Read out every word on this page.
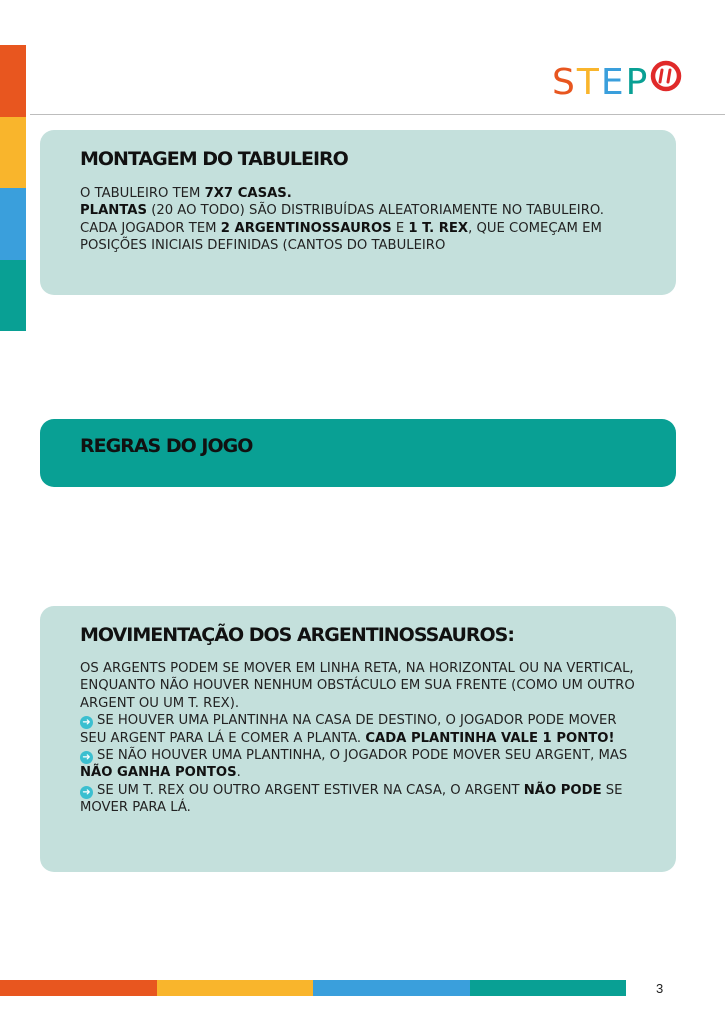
STEP
MONTAGEM DO TABULEIRO

O TABULEIRO TEM 7X7 CASAS.
PLANTAS (20 AO TODO) SÃO DISTRIBUÍDAS ALEATORIAMENTE NO TABULEIRO.
CADA JOGADOR TEM 2 ARGENTINOSSAUROS E 1 T. REX, QUE COMEÇAM EM POSIÇÕES INICIAIS DEFINIDAS (CANTOS DO TABULEIRO

REGRAS DO JOGO
MOVIMENTAÇÃO DOS ARGENTINOSSAUROS:

OS ARGENTS PODEM SE MOVER EM LINHA RETA, NA HORIZONTAL OU NA VERTICAL, ENQUANTO NÃO HOUVER NENHUM OBSTÁCULO EM SUA FRENTE (COMO UM OUTRO ARGENT OU UM T. REX).
➜ SE HOUVER UMA PLANTINHA NA CASA DE DESTINO, O JOGADOR PODE MOVER SEU ARGENT PARA LÁ E COMER A PLANTA. CADA PLANTINHA VALE 1 PONTO!
➜ SE NÃO HOUVER UMA PLANTINHA, O JOGADOR PODE MOVER SEU ARGENT, MAS NÃO GANHA PONTOS.
➜ SE UM T. REX OU OUTRO ARGENT ESTIVER NA CASA, O ARGENT NÃO PODE SE MOVER PARA LÁ.

3
